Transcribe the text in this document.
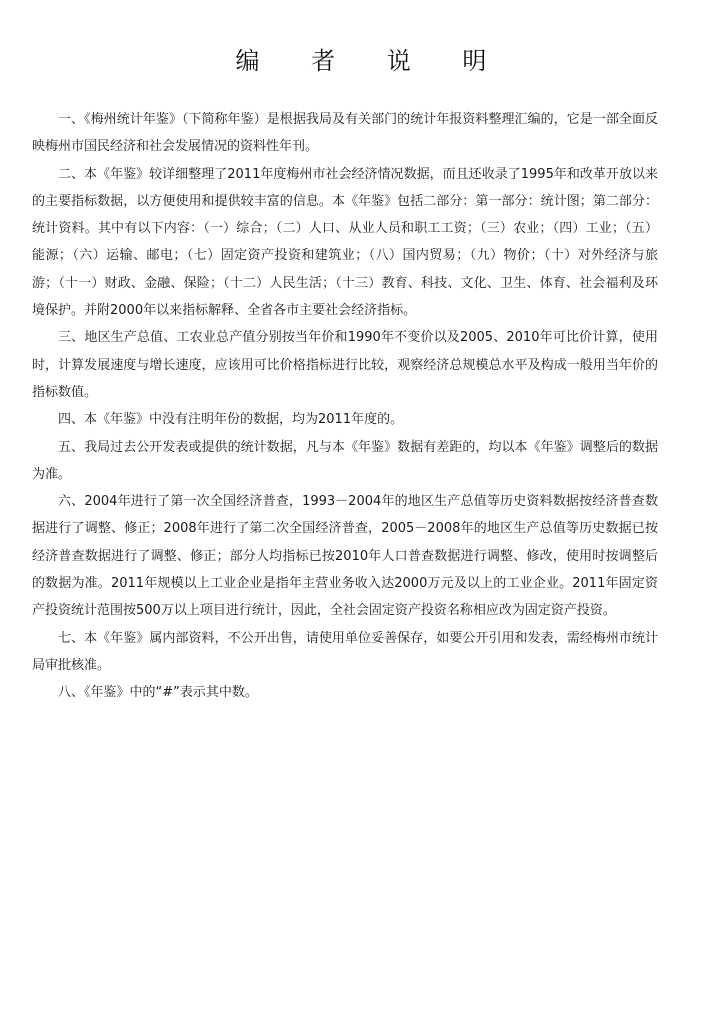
编 者 说 明

一、《梅州统计年鉴》（下简称年鉴）是根据我局及有关部门的统计年报资料整理汇编的，它是一部全面反映梅州市国民经济和社会发展情况的资料性年刊。

二、本《年鉴》较详细整理了2011年度梅州市社会经济情况数据，而且还收录了1995年和改革开放以来的主要指标数据，以方便使用和提供较丰富的信息。本《年鉴》包括二部分：第一部分：统计图；第二部分：统计资料。其中有以下内容：（一）综合；（二）人口、从业人员和职工工资；（三）农业；（四）工业；（五）能源；（六）运输、邮电；（七）固定资产投资和建筑业；（八）国内贸易；（九）物价；（十）对外经济与旅游；（十一）财政、金融、保险；（十二）人民生活；（十三）教育、科技、文化、卫生、体育、社会福利及环境保护。并附2000年以来指标解释、全省各市主要社会经济指标。

三、地区生产总值、工农业总产值分别按当年价和1990年不变价以及2005、2010年可比价计算，使用时，计算发展速度与增长速度，应该用可比价格指标进行比较，观察经济总规模总水平及构成一般用当年价的指标数值。

四、本《年鉴》中没有注明年份的数据，均为2011年度的。

五、我局过去公开发表或提供的统计数据，凡与本《年鉴》数据有差距的，均以本《年鉴》调整后的数据为准。

六、2004年进行了第一次全国经济普查，1993－2004年的地区生产总值等历史资料数据按经济普查数据进行了调整、修正；2008年进行了第二次全国经济普查，2005－2008年的地区生产总值等历史数据已按经济普查数据进行了调整、修正；部分人均指标已按2010年人口普查数据进行调整、修改，使用时按调整后的数据为准。2011年规模以上工业企业是指年主营业务收入达2000万元及以上的工业企业。2011年固定资产投资统计范围按500万以上项目进行统计，因此，全社会固定资产投资名称相应改为固定资产投资。

七、本《年鉴》属内部资料，不公开出售，请使用单位妥善保存，如要公开引用和发表，需经梅州市统计局审批核准。

八、《年鉴》中的“#”表示其中数。
